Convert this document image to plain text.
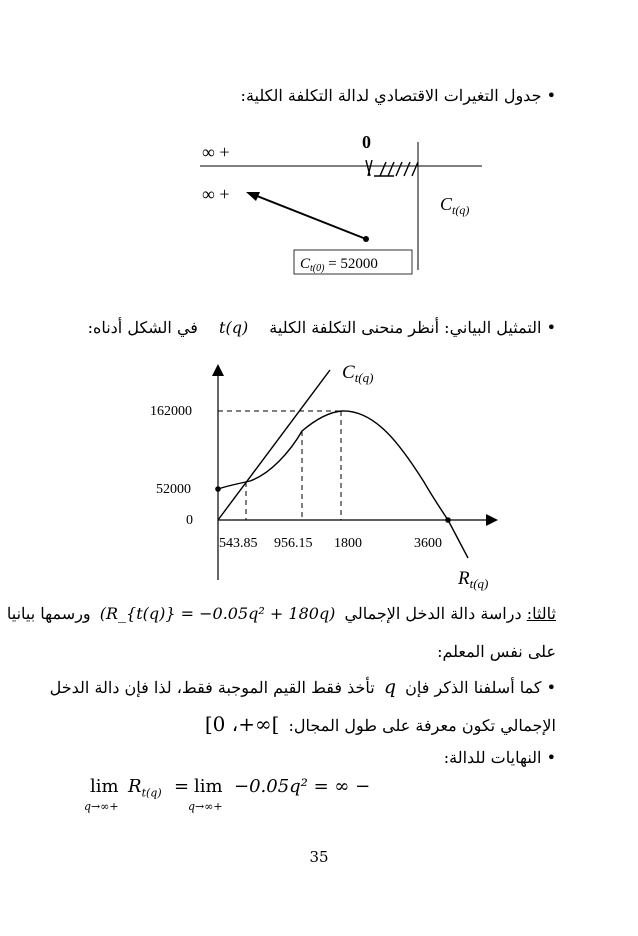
• جدول التغيرات الاقتصادي لدالة التكلفة الكلية:
∞ +	0
∞ +	$C_{t(q)}$
$C_{t(0)} = 52000$
• التمثيل البياني: أنظر منحنى التكلفة الكلية t(q) في الشكل أدناه:
162000
52000
0
543.85 956.15 1800	3600
$C_{t(q)}$
$R_{t(q)}$
ثالثا: دراسة دالة الدخل الإجمالي (R_{t(q)} = −0.05q² + 180q) ورسمها بيانيا
على نفس المعلم:
• كما أسلفنا الذكر فإن q تأخذ فقط القيم الموجبة فقط، لذا فإن دالة الدخل
الإجمالي تكون معرفة على طول المجال: [0 ،+∞[
• النهايات للدالة:
lim
q→∞+
$R_{t(q)} = \lim$
q→∞+
−0.05q² = ∞ −
35
